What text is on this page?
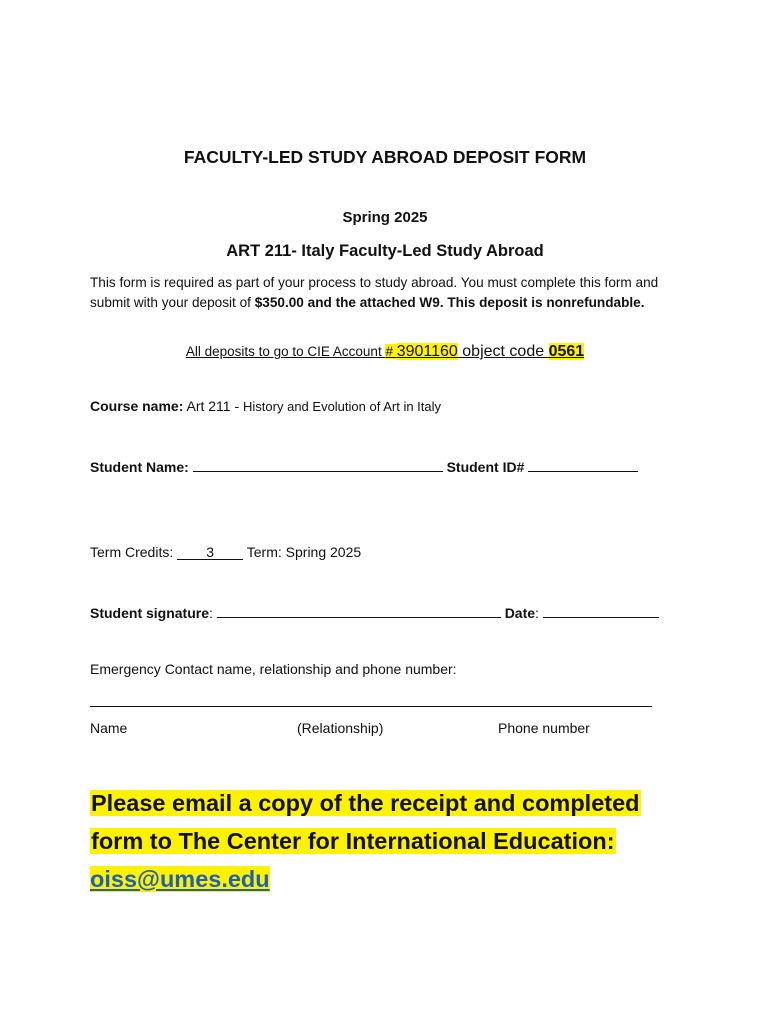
FACULTY-LED STUDY ABROAD DEPOSIT FORM
Spring 2025
ART 211- Italy Faculty-Led Study Abroad
This form is required as part of your process to study abroad. You must complete this form and submit with your deposit of $350.00 and the attached W9. This deposit is nonrefundable.
All deposits to go to CIE Account # 3901160 object code 0561
Course name: Art 211 - History and Evolution of Art in Italy
Student Name:	Student ID#
Term Credits: 3 Term: Spring 2025
Student signature:	Date:
Emergency Contact name, relationship and phone number:
Name	(Relationship)	Phone number
Please email a copy of the receipt and completed
form to The Center for International Education:
oiss@umes.edu
